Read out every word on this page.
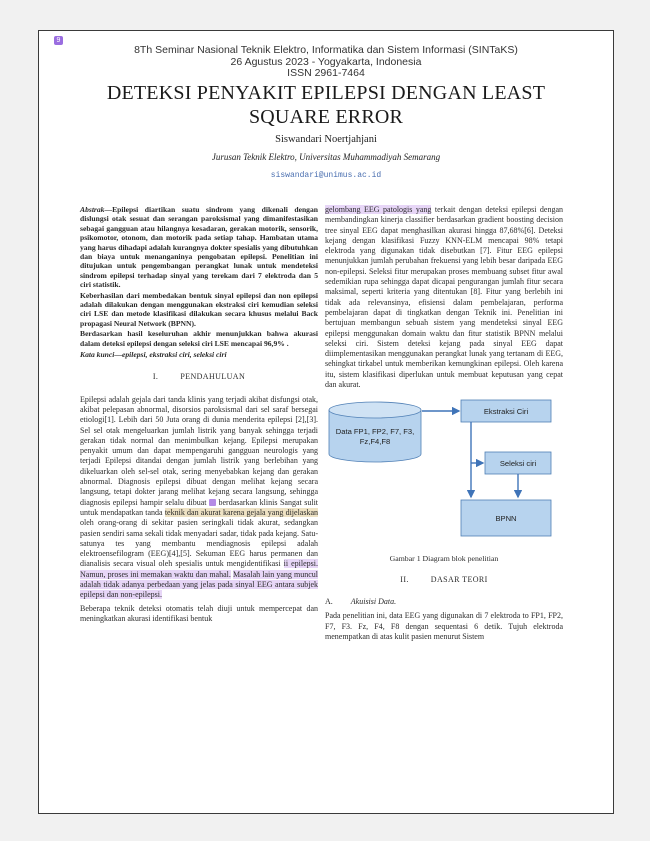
8Th Seminar Nasional Teknik Elektro, Informatika dan Sistem Informasi (SINTaKS)
26 Agustus 2023 - Yogyakarta, Indonesia
ISSN 2961-7464
DETEKSI PENYAKIT EPILEPSI DENGAN LEAST
SQUARE ERROR
Siswandari Noertjahjani
Jurusan Teknik Elektro, Universitas Muhammadiyah Semarang
siswandari@unimus.ac.id

Abstrak—Epilepsi diartikan suatu sindrom yang dikenali dengan dislungsi otak sesuat dan serangan paroksismal yang dimanifestasikan sebagai gangguan atau hilangnya kesadaran, gerakan motorik, sensorik, psikomotor, otonom, dan motorik pada setiap tahap. Hambatan utama yang harus dihadapi adalah kurangnya dokter spesialis yang dibutuhkan dan biaya untuk menanganinya pengobatan epilepsi. Penelitian ini ditujukan untuk pengembangan perangkat lunak untuk mendeteksi sindrom epilepsi terhadap sinyal yang terekam dari 7 elektroda dan 5 ciri statistik.

Keberhasilan dari membedakan bentuk sinyal epilepsi dan non epilepsi adalah dilakukan dengan menggunakan ekstraksi ciri kemudian seleksi ciri LSE dan metode klasifikasi dilakukan secara khusus melalui Back propagasi Neural Network (BPNN).

Berdasarkan hasil keseluruhan akhir menunjukkan bahwa akurasi dalam deteksi epilepsi dengan seleksi ciri LSE mencapai 96,9% .

Kata kunci—epilepsi, ekstraksi ciri, seleksi ciri
I.	PENDAHULUAN

Epilepsi adalah gejala dari tanda klinis yang terjadi akibat disfungsi otak, akibat pelepasan abnormal, disorsios paroksismal dari sel saraf bersegai etiologi[1]. Lebih dari 50 Juta orang di dunia menderita epilepsi [2],[3]. Sel sel otak mengeluarkan jumlah listrik yang banyak sehingga terjadi gerakan tidak normal dan menimbulkan kejang. Epilepsi merupakan penyakit umum dan dapat mempengaruhi gangguan neurologis yang terjadi Epilepsi ditandai dengan jumlah listrik yang berlebihan yang dikeluarkan oleh sel-sel otak, sering menyebabkan kejang dan gerakan abnormal. Diagnosis epilepsi dibuat dengan melihat kejang secara langsung, tetapi dokter jarang melihat kejang secara langsung, sehingga diagnosis epilepsi hampir selalu dibuat berdasarkan klinis Sangat sulit untuk mendapatkan tanda teknik dan akurat karena gejala yang dijelaskan oleh orang-orang di sekitar pasien seringkali tidak akurat, sedangkan pasien sendiri sama sekali tidak menyadari sadar, tidak pada kejang. Satu-satunya tes yang membantu mendiagnosis epilepsi adalah elektroensefilogram (EEG)[4],[5]. Sekuman EEG harus permanen dan dianalisis secara visual oleh spesialis untuk mengidentifikasi ii epilepsi. Namun, proses ini memakan waktu dan mahal. Masalah lain yang muncul adalah tidak adanya perbedaan yang jelas pada sinyal EEG antara subjek epilepsi dan non-epilepsi.

Beberapa teknik deteksi otomatis telah diuji untuk mempercepat dan meningkatkan akurasi identifikasi bentuk

gelombang EEG patologis yang terkait dengan deteksi epilepsi dengan membandingkan kinerja classifier berdasarkan gradient boosting decision tree sinyal EEG dapat menghasilkan akurasi hingga 87,68%[6]. Deteksi kejang dengan klasifikasi Fuzzy KNN-ELM mencapai 98% tetapi elektroda yang digunakan tidak disebutkan [7]. Fitur EEG epilepsi menunjukkan jumlah perubahan frekuensi yang lebih besar daripada EEG non-epilepsi. Seleksi fitur merupakan proses membuang subset fitur awal sedemikian rupa sehingga dapat dicapai pengurangan jumlah fitur secara maksimal, seperti kriteria yang ditentukan [8]. Fitur yang berlebih ini tidak ada relevansinya, efisiensi dalam pembelajaran, performa pembelajaran dapat di tingkatkan dengan Teknik ini. Penelitian ini bertujuan membangun sebuah sistem yang mendeteksi sinyal EEG epilepsi menggunakan domain waktu dan fitur statistik BPNN melalui seleksi ciri. Sistem deteksi kejang pada sinyal EEG dapat diimplementasikan menggunakan perangkat lunak yang tertanam di EEG, sehingkat tirkabel untuk memberikan kemungkinan epilepsi. Oleh karena itu, sistem klasifikasi diperlukan untuk membuat keputusan yang cepat dan akurat.

Data FP1, FP2, F7, F3,
Fz,F4,F8
Ekstraksi Ciri
Seleksi ciri
BPNN
Gambar 1 Diagram blok penelitian
II.	DASAR TEORI
A. Akuisisi Data.

Pada penelitian ini, data EEG yang digunakan di 7 elektroda to FP1, FP2, F7, F3. Fz, F4, F8 dengan sequentasi 6 detik. Tujuh elektroda menempatkan di atas kulit pasien menurut Sistem

9
